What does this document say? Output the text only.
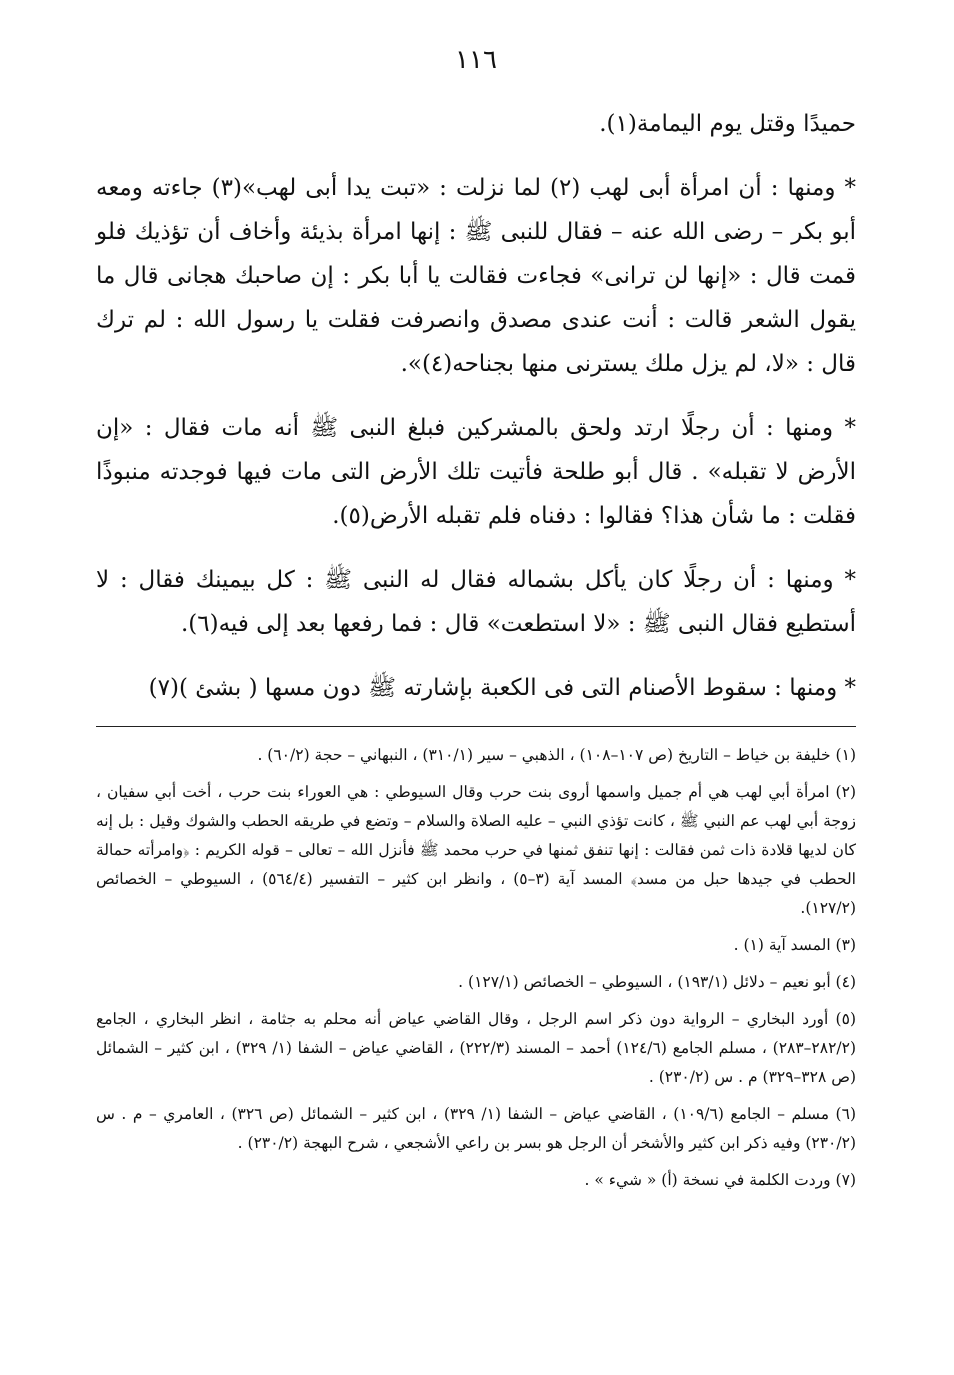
١١٦

حميدًا وقتل يوم اليمامة(١).

* ومنها : أن امرأة أبى لهب (٢) لما نزلت : «تبت يدا أبى لهب»(٣) جاءته ومعه أبو بكر – رضى الله عنه – فقال للنبى ﷺ : إنها امرأة بذيئة وأخاف أن تؤذيك فلو قمت قال : «إنها لن ترانى» فجاءت فقالت يا أبا بكر : إن صاحبك هجانى قال ما يقول الشعر قالت : أنت عندى مصدق وانصرفت فقلت يا رسول الله : لم ترك قال : «لا، لم يزل ملك يسترنى منها بجناحه(٤)».

* ومنها : أن رجلًا ارتد ولحق بالمشركين فبلغ النبى ﷺ أنه مات فقال : «إن الأرض لا تقبله» . قال أبو طلحة فأتيت تلك الأرض التى مات فيها فوجدته منبوذًا فقلت : ما شأن هذا؟ فقالوا : دفناه فلم تقبله الأرض(٥).

* ومنها : أن رجلًا كان يأكل بشماله فقال له النبى ﷺ : كل بيمينك فقال : لا أستطيع فقال النبى ﷺ : «لا استطعت» قال : فما رفعها بعد إلى فيه(٦).

* ومنها : سقوط الأصنام التى فى الكعبة بإشارته ﷺ دون مسها ( بشئ )(٧)

(١) خليفة بن خياط – التاريخ (ص ١٠٧–١٠٨) ، الذهبي – سير (٣١٠/١) ، النبهاني – حجة (٦٠/٢) .

(٢) امرأة أبي لهب هي أم جميل واسمها أروى بنت حرب وقال السيوطي : هي العوراء بنت حرب ، أخت أبي سفيان ، زوجة أبي لهب عم النبي ﷺ ، كانت تؤذي النبي – عليه الصلاة والسلام – وتضع في طريقه الحطب والشوك وقيل : بل إنه كان لديها قلادة ذات ثمن فقالت : إنها تنفق ثمنها في حرب محمد ﷺ فأنزل الله – تعالى – قوله الكريم : ﴿وامرأته حمالة الحطب في جيدها حبل من مسد﴾ المسد آية (٣–٥) ، وانظر ابن كثير – التفسير (٥٦٤/٤) ، السيوطي – الخصائص (١٢٧/٢).

(٣) المسد آية (١) .

(٤) أبو نعيم – دلائل (١٩٣/١) ، السيوطي – الخصائص (١٢٧/١) .

(٥) أورد البخاري – الرواية دون ذكر اسم الرجل ، وقال القاضي عياض أنه محلم به جثامة ، انظر البخاري ، الجامع (٢٨٢/٢–٢٨٣) ، مسلم الجامع (١٢٤/٦) أحمد – المسند (٢٢٢/٣) ، القاضي عياض – الشفا (١/ ٣٢٩) ، ابن كثير – الشمائل (ص ٣٢٨–٣٢٩) م . س (٢٣٠/٢) .

(٦) مسلم – الجامع (١٠٩/٦) ، القاضي عياض – الشفا (١/ ٣٢٩) ، ابن كثير – الشمائل (ص ٣٢٦) ، العامري – م . س (٢٣٠/٢) وفيه ذكر ابن كثير والأشخر أن الرجل هو بسر بن راعي الأشجعي ، شرح البهجة (٢٣٠/٢) .

(٧) وردت الكلمة في نسخة (أ) « شيء » .
